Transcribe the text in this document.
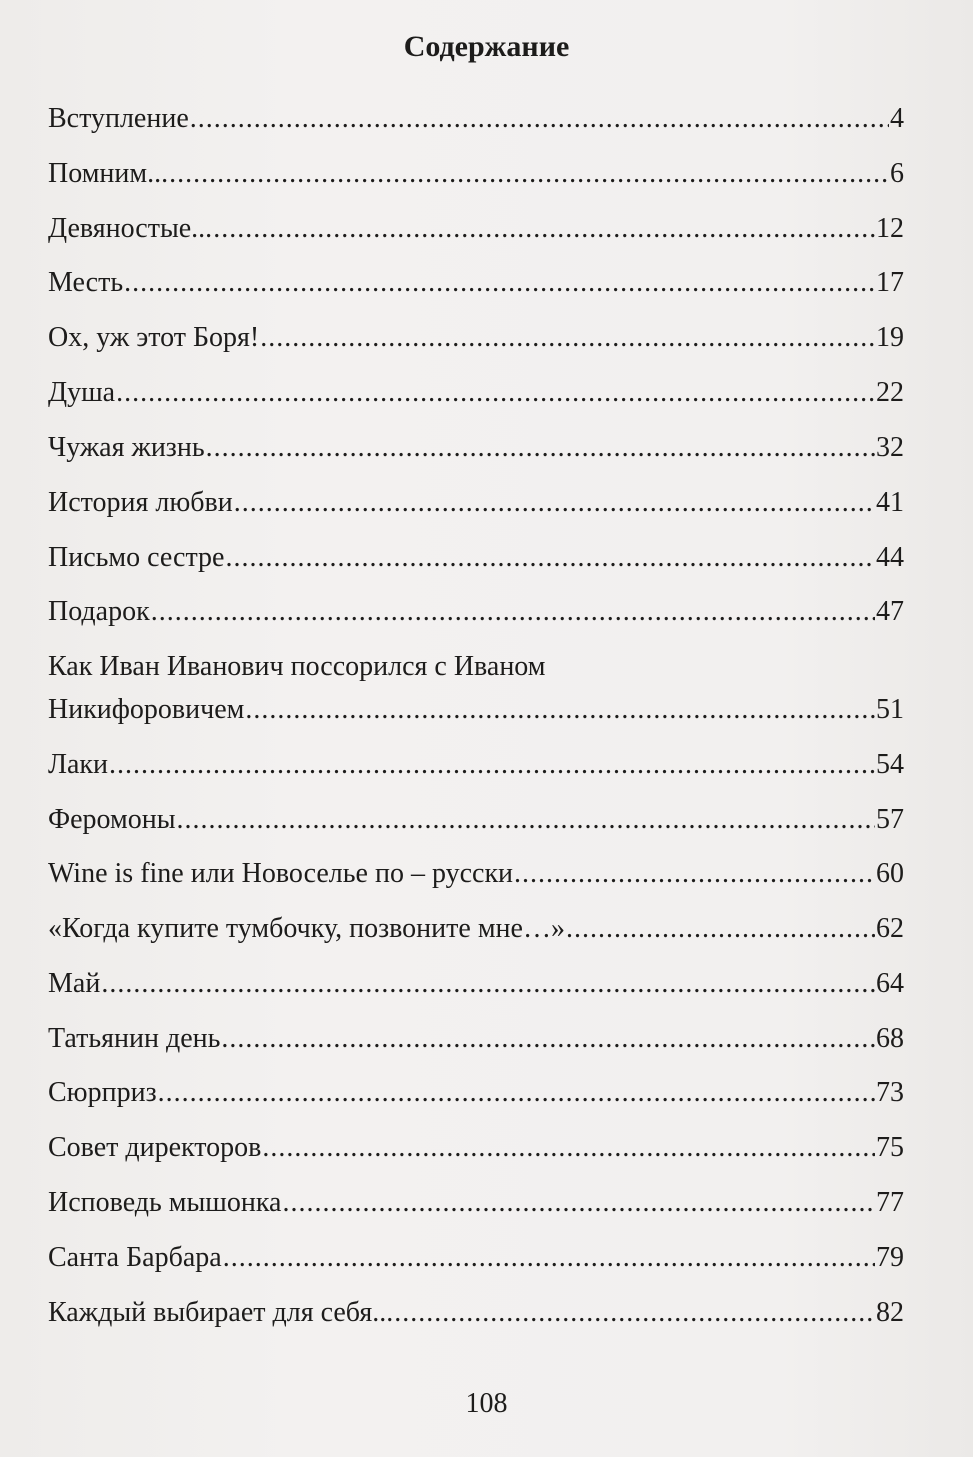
Содержание
Вступление .....	4
Помним... .....	6
Девяностые... .....	12
Месть .....	17
Ох, уж этот Боря! .....	19
Душа .....	22
Чужая жизнь .....	32
История любви .....	41
Письмо сестре .....	44
Подарок .....	47
Как Иван Иванович поссорился с Иваном
Никифоровичем .....	51
Лаки .....	54
Феромоны .....	57
Wine is fine или Новоселье по – русски .....	60
«Когда купите тумбочку, позвоните мне…» .....	62
Май .....	64
Татьянин день .....	68
Сюрприз .....	73
Совет директоров .....	75
Исповедь мышонка .....	77
Санта Барбара .....	79
Каждый выбирает для себя... .....	82
108
